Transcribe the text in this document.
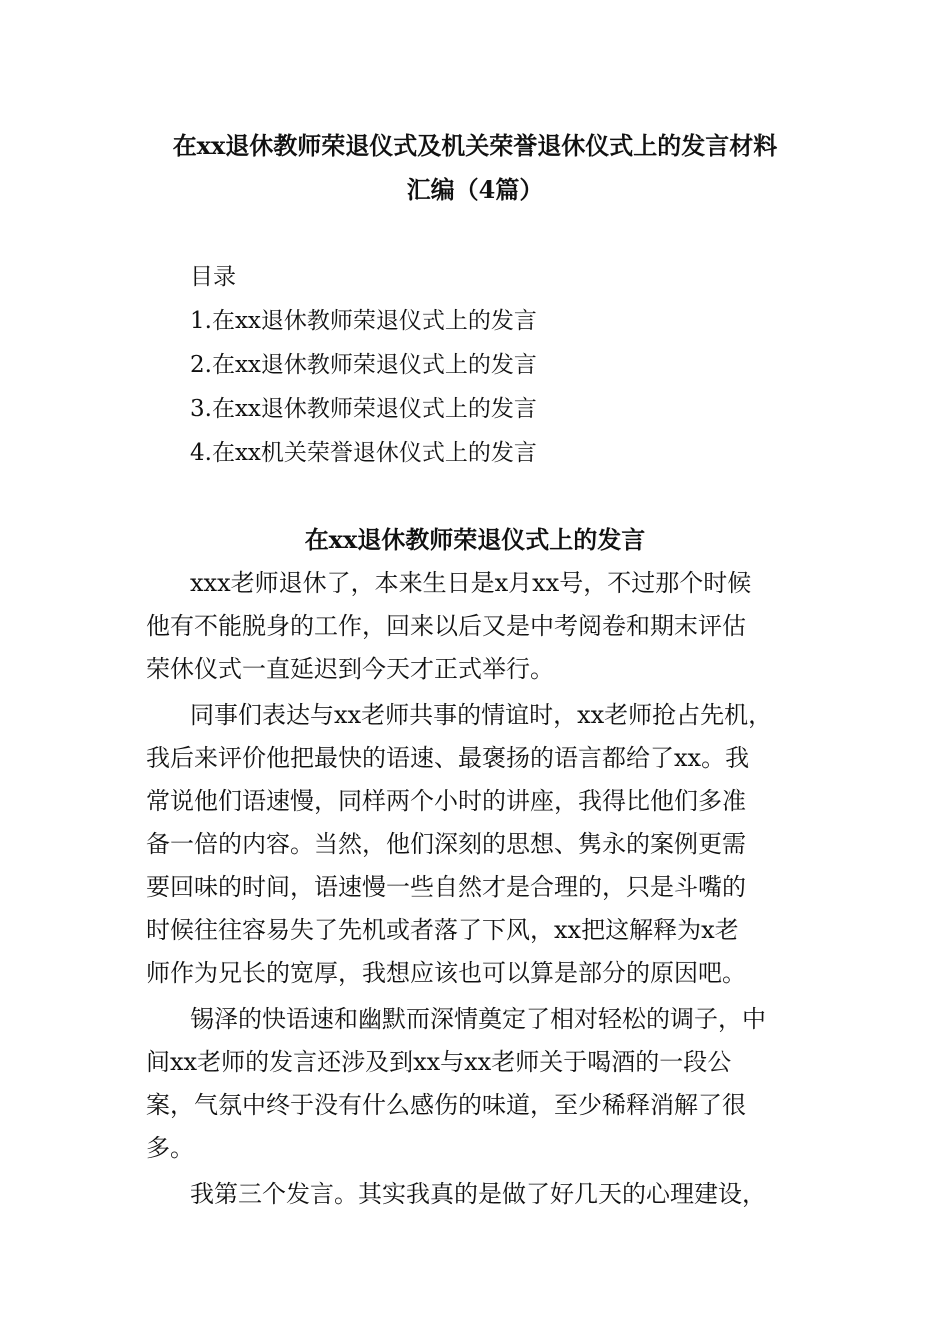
在xx退休教师荣退仪式及机关荣誉退休仪式上的发言材料
汇编（4篇）
目录
1.在xx退休教师荣退仪式上的发言
2.在xx退休教师荣退仪式上的发言
3.在xx退休教师荣退仪式上的发言
4.在xx机关荣誉退休仪式上的发言
在xx退休教师荣退仪式上的发言
xxx老师退休了，本来生日是x月xx号，不过那个时候
他有不能脱身的工作，回来以后又是中考阅卷和期末评估
荣休仪式一直延迟到今天才正式举行。
同事们表达与xx老师共事的情谊时，xx老师抢占先机，
我后来评价他把最快的语速、最褒扬的语言都给了xx。我
常说他们语速慢，同样两个小时的讲座，我得比他们多准
备一倍的内容。当然，他们深刻的思想、隽永的案例更需
要回味的时间，语速慢一些自然才是合理的，只是斗嘴的
时候往往容易失了先机或者落了下风，xx把这解释为x老
师作为兄长的宽厚，我想应该也可以算是部分的原因吧。
锡泽的快语速和幽默而深情奠定了相对轻松的调子，中
间xx老师的发言还涉及到xx与xx老师关于喝酒的一段公
案，气氛中终于没有什么感伤的味道，至少稀释消解了很
多。
我第三个发言。其实我真的是做了好几天的心理建设，
